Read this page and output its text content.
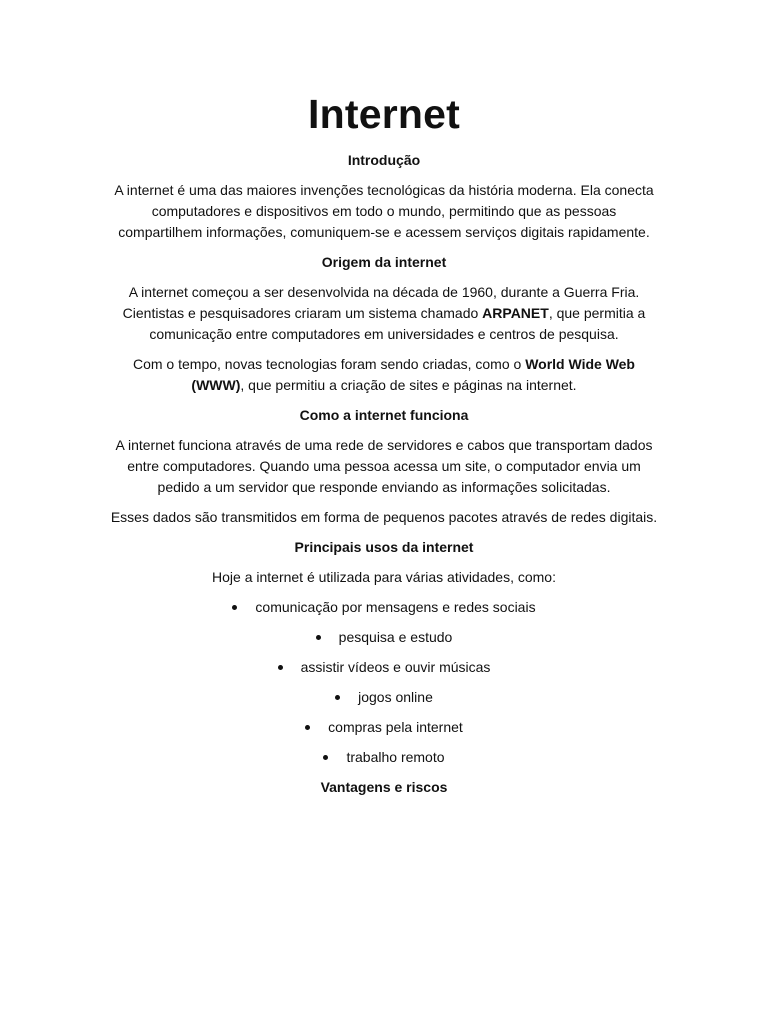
Internet
Introdução

A internet é uma das maiores invenções tecnológicas da história moderna. Ela conecta computadores e dispositivos em todo o mundo, permitindo que as pessoas compartilhem informações, comuniquem-se e acessem serviços digitais rapidamente.

Origem da internet

A internet começou a ser desenvolvida na década de 1960, durante a Guerra Fria. Cientistas e pesquisadores criaram um sistema chamado ARPANET, que permitia a comunicação entre computadores em universidades e centros de pesquisa.

Com o tempo, novas tecnologias foram sendo criadas, como o World Wide Web (WWW), que permitiu a criação de sites e páginas na internet.

Como a internet funciona

A internet funciona através de uma rede de servidores e cabos que transportam dados entre computadores. Quando uma pessoa acessa um site, o computador envia um pedido a um servidor que responde enviando as informações solicitadas.

Esses dados são transmitidos em forma de pequenos pacotes através de redes digitais.

Principais usos da internet

Hoje a internet é utilizada para várias atividades, como:

comunicação por mensagens e redes sociais
pesquisa e estudo
assistir vídeos e ouvir músicas
jogos online
compras pela internet
trabalho remoto
Vantagens e riscos
